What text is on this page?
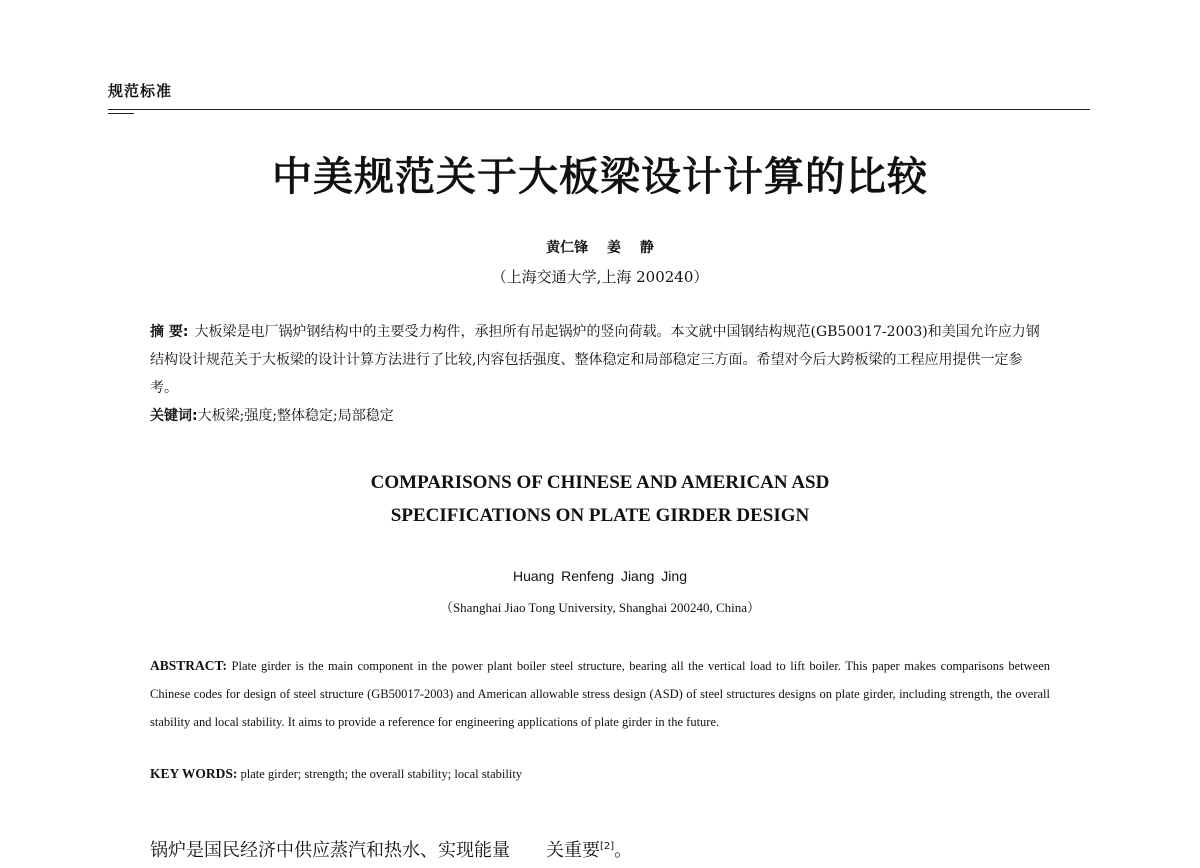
规范标准
中美规范关于大板梁设计计算的比较
黄仁锋 姜 静
（上海交通大学,上海 200240）

摘 要: 大板梁是电厂锅炉钢结构中的主要受力构件，承担所有吊起锅炉的竖向荷载。本文就中国钢结构规范(GB50017-2003)和美国允许应力钢结构设计规范关于大板梁的设计计算方法进行了比较,内容包括强度、整体稳定和局部稳定三方面。希望对今后大跨板梁的工程应用提供一定参考。

关键词:大板梁;强度;整体稳定;局部稳定

COMPARISONS OF CHINESE AND AMERICAN ASD
SPECIFICATIONS ON PLATE GIRDER DESIGN
Huang Renfeng Jiang Jing
（Shanghai Jiao Tong University, Shanghai 200240, China）

ABSTRACT: Plate girder is the main component in the power plant boiler steel structure, bearing all the vertical load to lift boiler. This paper makes comparisons between Chinese codes for design of steel structure (GB50017-2003) and American allowable stress design (ASD) of steel structures designs on plate girder, including strength, the overall stability and local stability. It aims to provide a reference for engineering applications of plate girder in the future.

KEY WORDS: plate girder; strength; the overall stability; local stability

锅炉是国民经济中供应蒸汽和热水、实现能量 关重要[2]。
